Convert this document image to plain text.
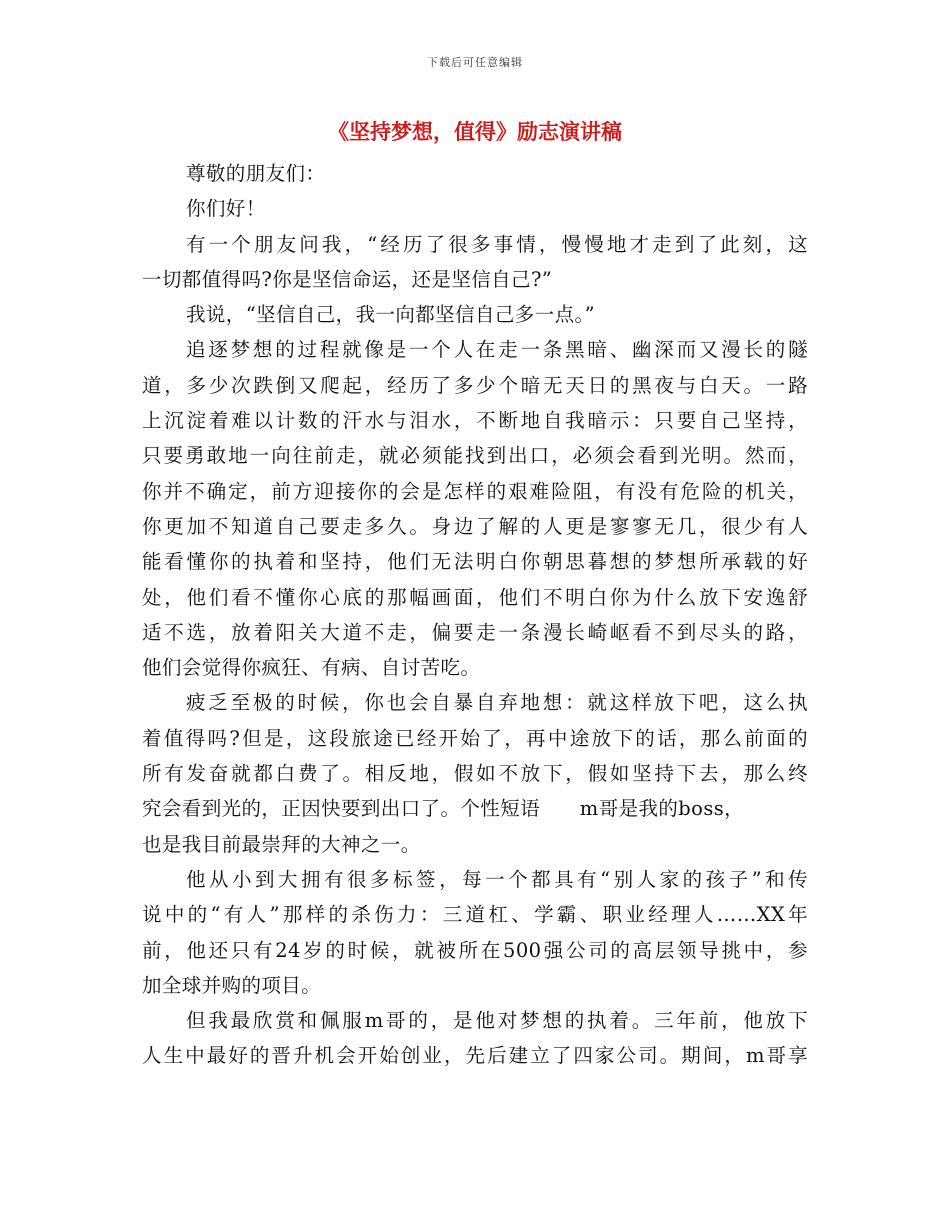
下载后可任意编辑
《坚持梦想，值得》励志演讲稿
尊敬的朋友们：
你们好！
有一个朋友问我，“经历了很多事情，慢慢地才走到了此刻，这
一切都值得吗?你是坚信命运，还是坚信自己?”
我说，“坚信自己，我一向都坚信自己多一点。”
追逐梦想的过程就像是一个人在走一条黑暗、幽深而又漫长的隧
道，多少次跌倒又爬起，经历了多少个暗无天日的黑夜与白天。一路
上沉淀着难以计数的汗水与泪水，不断地自我暗示：只要自己坚持，
只要勇敢地一向往前走，就必须能找到出口，必须会看到光明。然而，
你并不确定，前方迎接你的会是怎样的艰难险阻，有没有危险的机关，
你更加不知道自己要走多久。身边了解的人更是寥寥无几，很少有人
能看懂你的执着和坚持，他们无法明白你朝思暮想的梦想所承载的好
处，他们看不懂你心底的那幅画面，他们不明白你为什么放下安逸舒
适不选，放着阳关大道不走，偏要走一条漫长崎岖看不到尽头的路，
他们会觉得你疯狂、有病、自讨苦吃。
疲乏至极的时候，你也会自暴自弃地想：就这样放下吧，这么执
着值得吗?但是，这段旅途已经开始了，再中途放下的话，那么前面的
所有发奋就都白费了。相反地，假如不放下，假如坚持下去，那么终
究会看到光的，正因快要到出口了。个性短语　　m哥是我的boss，
也是我目前最崇拜的大神之一。
他从小到大拥有很多标签，每一个都具有“别人家的孩子”和传
说中的“有人”那样的杀伤力：三道杠、学霸、职业经理人……XX年
前，他还只有24岁的时候，就被所在500强公司的高层领导挑中，参
加全球并购的项目。
但我最欣赏和佩服m哥的，是他对梦想的执着。三年前，他放下
人生中最好的晋升机会开始创业，先后建立了四家公司。期间，m哥享
